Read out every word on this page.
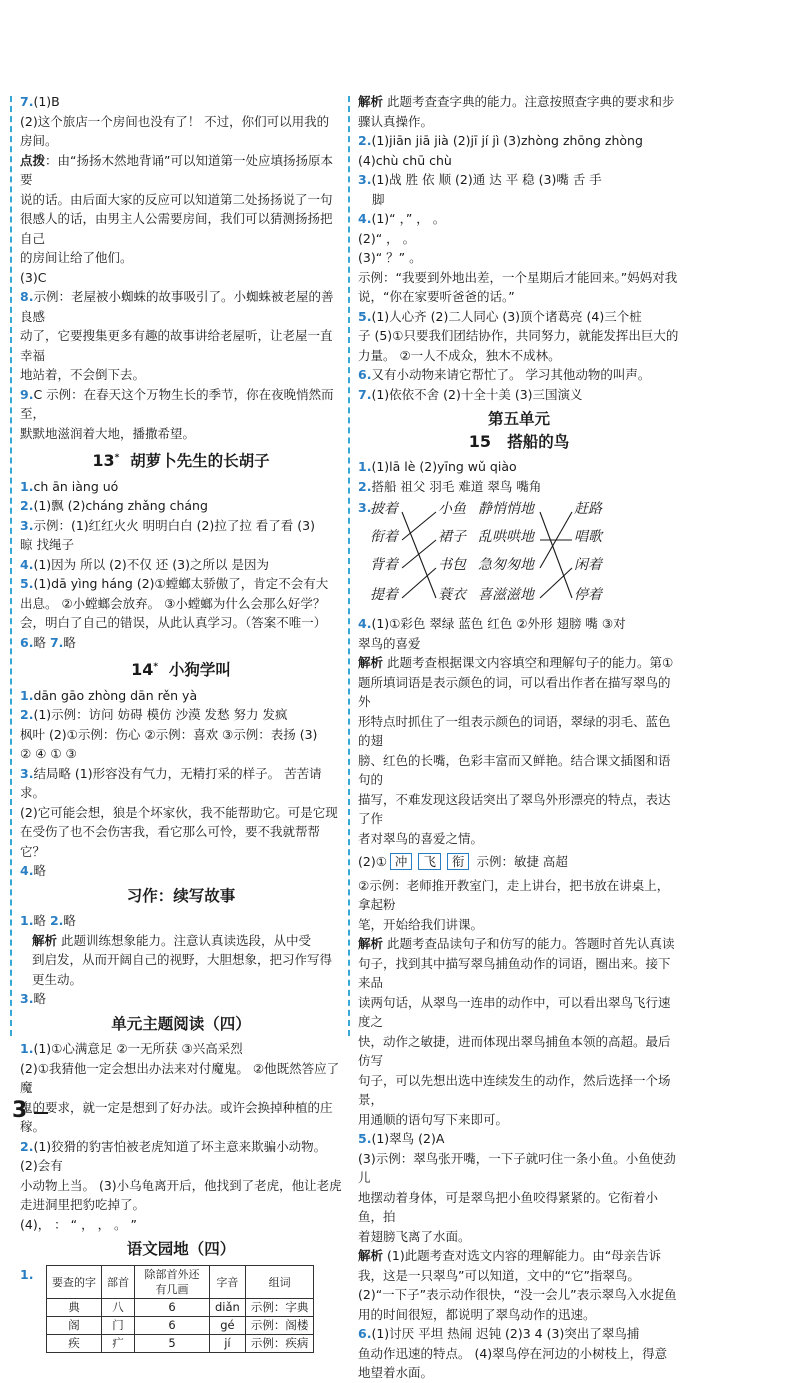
7.(1)B

(2)这个旅店一个房间也没有了！ 不过，你们可以用我的

房间。

点拨：由“扬扬木然地背诵”可以知道第一处应填扬扬原本要

说的话。由后面大家的反应可以知道第二处扬扬说了一句

很感人的话，由男主人公需要房间，我们可以猜测扬扬把自己

的房间让给了他们。

(3)C

8.示例：老屋被小蜘蛛的故事吸引了。小蜘蛛被老屋的善良感

动了，它要搜集更多有趣的故事讲给老屋听，让老屋一直幸福

地站着，不会倒下去。

9.C 示例：在春天这个万物生长的季节，你在夜晚悄然而至，

默默地滋润着大地，播撒希望。

13* 胡萝卜先生的长胡子

1.ch ān iàng uó

2.(1)飘 (2)cháng zhǎng cháng

3.示例：(1)红红火火 明明白白 (2)拉了拉 看了看 (3)

晾 找绳子

4.(1)因为 所以 (2)不仅 还 (3)之所以 是因为

5.(1)dā yìng háng (2)①螳螂太骄傲了，肯定不会有大

出息。 ②小螳螂会放弃。 ③小螳螂为什么会那么好学？

会，明白了自己的错误，从此认真学习。（答案不唯一）

6.略 7.略

14* 小狗学叫

1.dān gāo zhòng dān rěn yà

2.(1)示例：访问 妨碍 模仿 沙漠 发愁 努力 发疯

枫叶 (2)①示例：伤心 ②示例：喜欢 ③示例：表扬 (3)

② ④ ① ③

3.结局略 (1)形容没有气力，无精打采的样子。 苦苦请求。

(2)它可能会想，狼是个坏家伙，我不能帮助它。可是它现

在受伤了也不会伤害我，看它那么可怜，要不我就帮帮它？

4.略

习作：续写故事

1.略 2.略

解析 此题训练想象能力。注意认真读选段，从中受

到启发，从而开阔自己的视野，大胆想象，把习作写得

更生动。

3.略

单元主题阅读（四）

1.(1)①心满意足 ②一无所获 ③兴高采烈

(2)①我猜他一定会想出办法来对付魔鬼。 ②他既然答应了魔

鬼的要求，就一定是想到了好办法。或许会换掉种植的庄稼。

2.(1)狡猾的豹害怕被老虎知道了坏主意来欺骗小动物。 (2)会有

小动物上当。 (3)小乌龟离开后，他找到了老虎，他让老虎

走进洞里把豹吃掉了。

(4)， ： “ ， ， 。 ”

语文园地（四）

1.

要查的字	部首	除部首外还有几画	字音	组词
典	八	6	diǎn	示例：字典
阁	门	6	gé	示例：阁楼
疾	疒	5	jí	示例：疾病

解析 此题考查查字典的能力。注意按照查字典的要求和步

骤认真操作。

2.(1)jiān jiā jià (2)jī jí jì (3)zhòng zhōng zhòng

(4)chù chū chù

3.(1)战 胜 依 顺 (2)通 达 平 稳 (3)嘴 舌 手

脚

4.(1)“ ，” ， 。

(2)“ ， 。

(3)“ ？” 。

示例：“我要到外地出差，一个星期后才能回来。”妈妈对我

说，“你在家要听爸爸的话。”

5.(1)人心齐 (2)二人同心 (3)顶个诸葛亮 (4)三个桩

子 (5)①只要我们团结协作，共同努力，就能发挥出巨大的

力量。 ②一人不成众，独木不成林。

6.又有小动物来请它帮忙了。 学习其他动物的叫声。

7.(1)依依不舍 (2)十全十美 (3)三国演义

第五单元
15 搭船的鸟

1.(1)lā lè (2)yīng wǔ qiào

2.搭船 祖父 羽毛 难道 翠鸟 嘴角

3.
披着
衔着
背着
提着
小鱼
裙子
书包
蓑衣
静悄悄地
乱哄哄地
急匆匆地
喜滋滋地
赶路
唱歌
闲着
停着

4.(1)①彩色 翠绿 蓝色 红色 ②外形 翅膀 嘴 ③对

翠鸟的喜爱

解析 此题考查根据课文内容填空和理解句子的能力。第①

题所填词语是表示颜色的词，可以看出作者在描写翠鸟的外

形特点时抓住了一组表示颜色的词语，翠绿的羽毛、蓝色的翅

膀、红色的长嘴，色彩丰富而又鲜艳。结合课文插图和语句的

描写，不难发现这段话突出了翠鸟外形漂亮的特点，表达了作

者对翠鸟的喜爱之情。

(2)① 冲 飞 衔 示例：敏捷 高超

②示例：老师推开教室门，走上讲台，把书放在讲桌上，拿起粉

笔，开始给我们讲课。

解析 此题考查品读句子和仿写的能力。答题时首先认真读

句子，找到其中描写翠鸟捕鱼动作的词语，圈出来。接下来品

读两句话，从翠鸟一连串的动作中，可以看出翠鸟飞行速度之

快，动作之敏捷，进而体现出翠鸟捕鱼本领的高超。最后仿写

句子，可以先想出选中连续发生的动作，然后选择一个场景，

用通顺的语句写下来即可。

5.(1)翠鸟 (2)A

(3)示例：翠鸟张开嘴，一下子就叼住一条小鱼。小鱼使劲儿

地摆动着身体，可是翠鸟把小鱼咬得紧紧的。它衔着小鱼，拍

着翅膀飞离了水面。

解析 (1)此题考查对选文内容的理解能力。由“母亲告诉

我，这是一只翠鸟”可以知道，文中的“它”指翠鸟。

(2)“一下子”表示动作很快，“没一会儿”表示翠鸟入水捉鱼

用的时间很短，都说明了翠鸟动作的迅速。

6.(1)讨厌 平坦 热闹 迟钝 (2)3 4 (3)突出了翠鸟捕

鱼动作迅速的特点。 (4)翠鸟停在河边的小树枝上，得意

地望着水面。

3
